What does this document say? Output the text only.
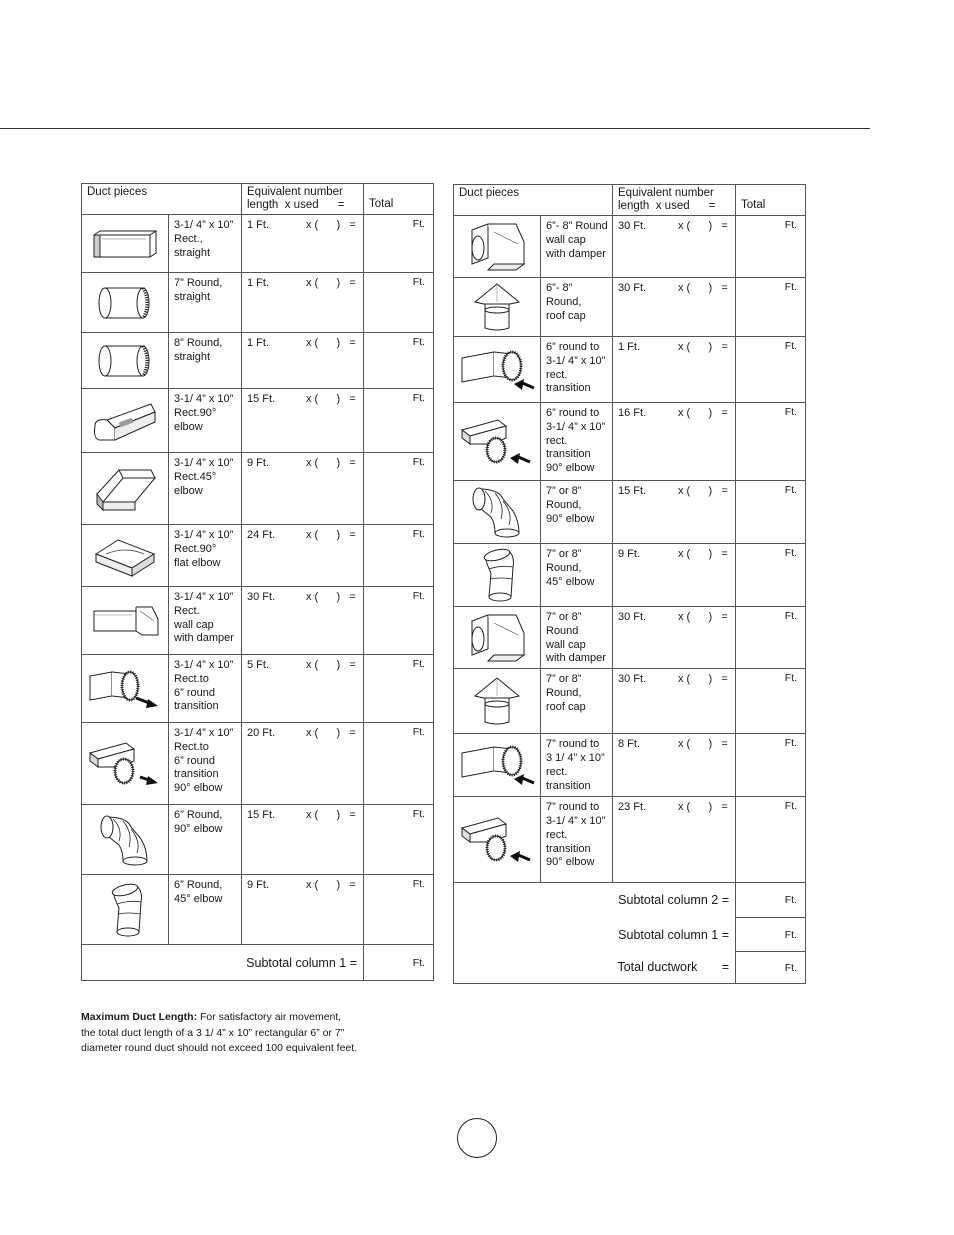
Duct pieces		Equivalent number
length  x used      =	Total

	3-1/ 4” x 10”
Rect.,
straight	1 Ft. x (      )   =	Ft.

	7” Round,
straight	1 Ft. x (      )   =	Ft.

	8” Round,
straight	1 Ft. x (      )   =	Ft.

	3-1/ 4” x 10”
Rect.90°
elbow	15 Ft. x (      )   =	Ft.

	3-1/ 4” x 10”
Rect.45°
elbow	9 Ft. x (      )   =	Ft.

	3-1/ 4” x 10”
Rect.90°
flat elbow	24 Ft. x (      )   =	Ft.

	3-1/ 4” x 10”
Rect.
wall cap
with damper	30 Ft. x (      )   =	Ft.

	3-1/ 4” x 10”
Rect.to
6” round
transition	5 Ft. x (      )   =	Ft.

	3-1/ 4” x 10”
Rect.to
6” round
transition
90° elbow	20 Ft. x (      )   =	Ft.

	6” Round,
90° elbow	15 Ft. x (      )   =	Ft.

	6” Round,
45° elbow	9 Ft. x (      )   =	Ft.
Subtotal column 1 =			Ft.
Duct pieces		Equivalent number
length  x used      =	Total

	6”- 8” Round
wall cap
with damper	30 Ft. x (      )   =	Ft.

	6”- 8” Round,
roof cap	30 Ft. x (      )   =	Ft.

	6” round to
3-1/ 4” x 10”
rect.
transition	1 Ft. x (      )   =	Ft.

	6” round to
3-1/ 4” x 10”
rect.
transition
90° elbow	16 Ft. x (      )   =	Ft.

	7” or 8”
Round,
90° elbow	15 Ft. x (      )   =	Ft.

	7” or 8”
Round,
45° elbow	9 Ft. x (      )   =	Ft.

	7” or 8”
Round
wall cap
with damper	30 Ft. x (      )   =	Ft.

	7” or 8”
Round,
roof cap	30 Ft. x (      )   =	Ft.

	7” round to
3 1/ 4” x 10”
rect.
transition	8 Ft. x (      )   =	Ft.

	7” round to
3-1/ 4” x 10”
rect.
transition
90° elbow	23 Ft. x (      )   =	Ft.
Subtotal column 2 =			Ft.
Subtotal column 1 =			Ft.
Total ductwork       =			Ft.
Maximum Duct Length: For satisfactory air movement,
the total duct length of a 3 1/ 4” x 10” rectangular 6” or 7”
diameter round duct should not exceed 100 equivalent feet.
